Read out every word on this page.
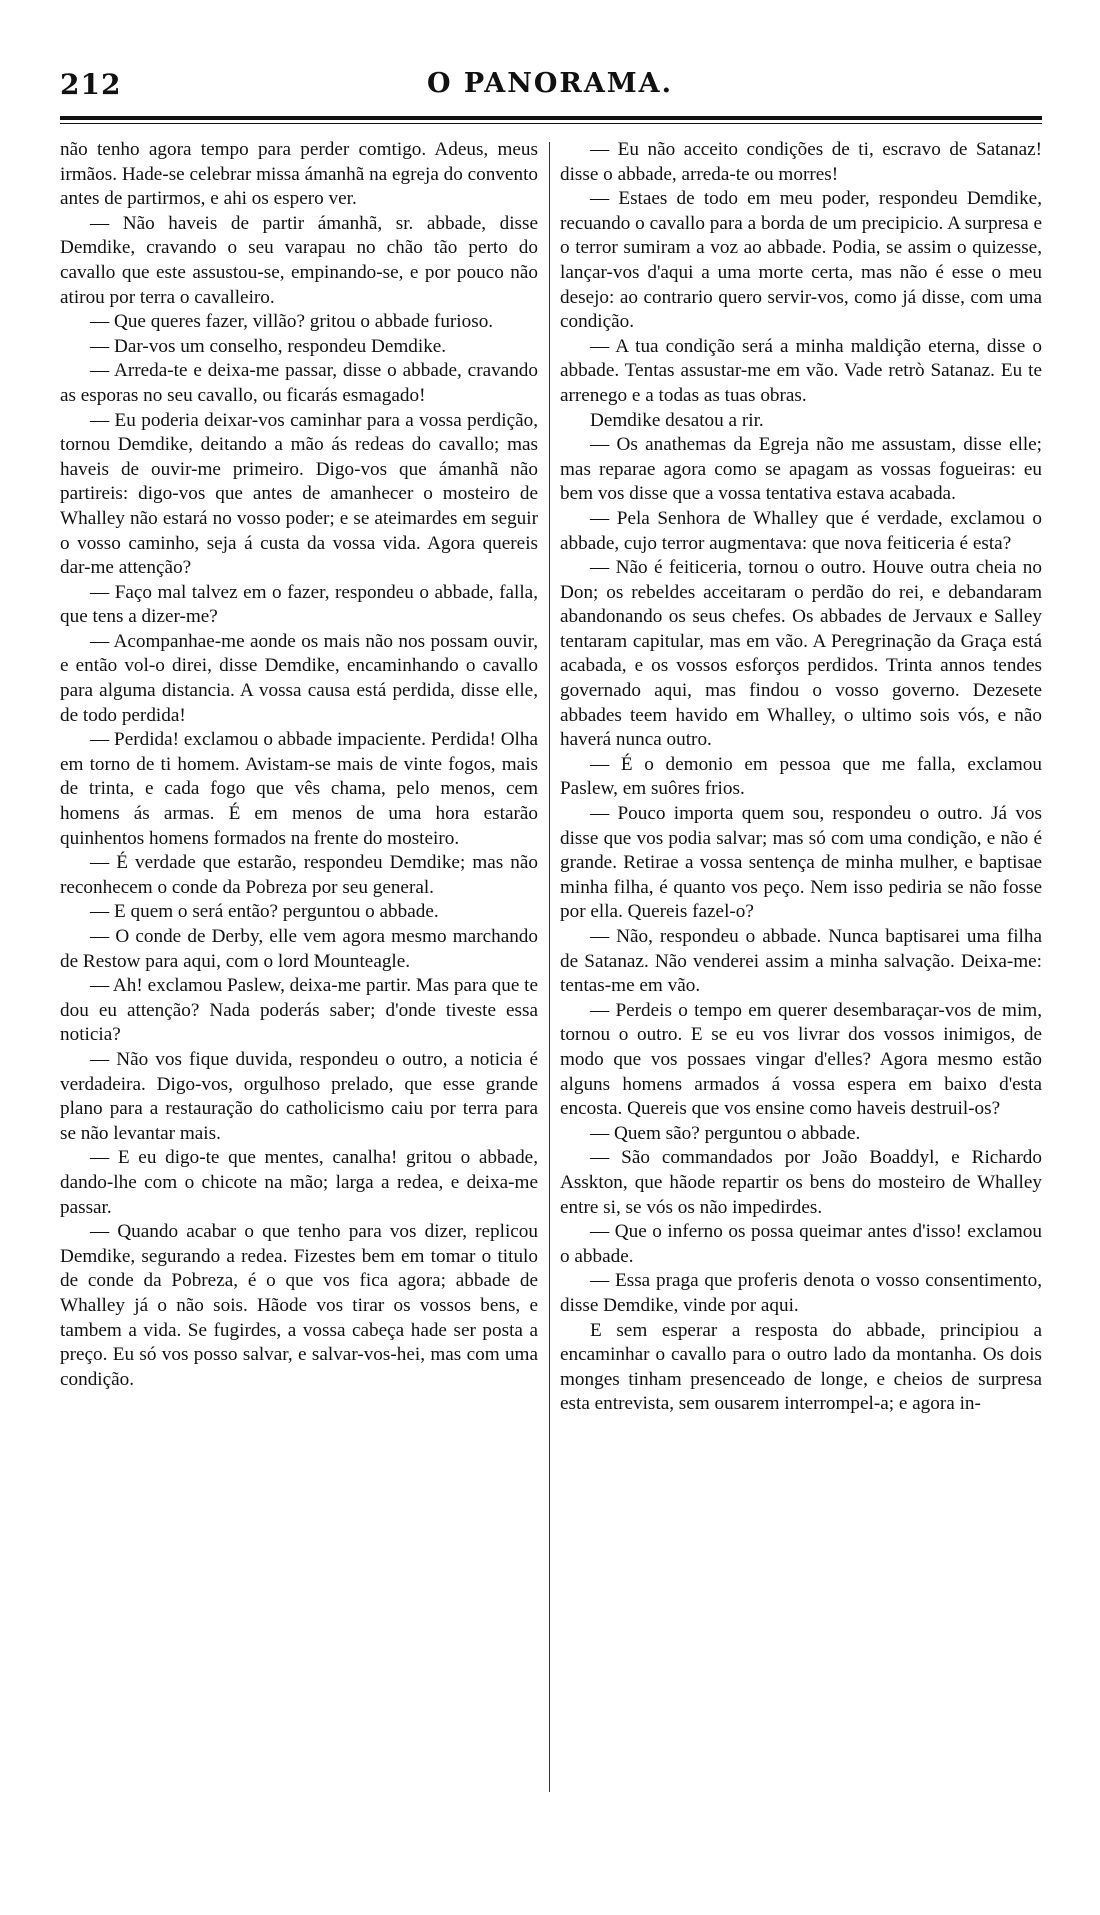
212	O PANORAMA.

não tenho agora tempo para perder comtigo. Adeus, meus irmãos. Hade-se celebrar missa ámanhã na egreja do convento antes de partirmos, e ahi os espero ver.

— Não haveis de partir ámanhã, sr. abbade, disse Demdike, cravando o seu varapau no chão tão perto do cavallo que este assustou-se, empinando-se, e por pouco não atirou por terra o cavalleiro.

— Que queres fazer, villão? gritou o abbade furioso.

— Dar-vos um conselho, respondeu Demdike.

— Arreda-te e deixa-me passar, disse o abbade, cravando as esporas no seu cavallo, ou ficarás esmagado!

— Eu poderia deixar-vos caminhar para a vossa perdição, tornou Demdike, deitando a mão ás redeas do cavallo; mas haveis de ouvir-me primeiro. Digo-vos que ámanhã não partireis: digo-vos que antes de amanhecer o mosteiro de Whalley não estará no vosso poder; e se ateimardes em seguir o vosso caminho, seja á custa da vossa vida. Agora quereis dar-me attenção?

— Faço mal talvez em o fazer, respondeu o abbade, falla, que tens a dizer-me?

— Acompanhae-me aonde os mais não nos possam ouvir, e então vol-o direi, disse Demdike, encaminhando o cavallo para alguma distancia. A vossa causa está perdida, disse elle, de todo perdida!

— Perdida! exclamou o abbade impaciente. Perdida! Olha em torno de ti homem. Avistam-se mais de vinte fogos, mais de trinta, e cada fogo que vês chama, pelo menos, cem homens ás armas. É em menos de uma hora estarão quinhentos homens formados na frente do mosteiro.

— É verdade que estarão, respondeu Demdike; mas não reconhecem o conde da Pobreza por seu general.

— E quem o será então? perguntou o abbade.

— O conde de Derby, elle vem agora mesmo marchando de Restow para aqui, com o lord Mounteagle.

— Ah! exclamou Paslew, deixa-me partir. Mas para que te dou eu attenção? Nada poderás saber; d'onde tiveste essa noticia?

— Não vos fique duvida, respondeu o outro, a noticia é verdadeira. Digo-vos, orgulhoso prelado, que esse grande plano para a restauração do catholicismo caiu por terra para se não levantar mais.

— E eu digo-te que mentes, canalha! gritou o abbade, dando-lhe com o chicote na mão; larga a redea, e deixa-me passar.

— Quando acabar o que tenho para vos dizer, replicou Demdike, segurando a redea. Fizestes bem em tomar o titulo de conde da Pobreza, é o que vos fica agora; abbade de Whalley já o não sois. Hãode vos tirar os vossos bens, e tambem a vida. Se fugirdes, a vossa cabeça hade ser posta a preço. Eu só vos posso salvar, e salvar-vos-hei, mas com uma condição.

— Eu não acceito condições de ti, escravo de Satanaz! disse o abbade, arreda-te ou morres!

— Estaes de todo em meu poder, respondeu Demdike, recuando o cavallo para a borda de um precipicio. A surpresa e o terror sumiram a voz ao abbade. Podia, se assim o quizesse, lançar-vos d'aqui a uma morte certa, mas não é esse o meu desejo: ao contrario quero servir-vos, como já disse, com uma condição.

— A tua condição será a minha maldição eterna, disse o abbade. Tentas assustar-me em vão. Vade retrò Satanaz. Eu te arrenego e a todas as tuas obras.

Demdike desatou a rir.

— Os anathemas da Egreja não me assustam, disse elle; mas reparae agora como se apagam as vossas fogueiras: eu bem vos disse que a vossa tentativa estava acabada.

— Pela Senhora de Whalley que é verdade, exclamou o abbade, cujo terror augmentava: que nova feiticeria é esta?

— Não é feiticeria, tornou o outro. Houve outra cheia no Don; os rebeldes acceitaram o perdão do rei, e debandaram abandonando os seus chefes. Os abbades de Jervaux e Salley tentaram capitular, mas em vão. A Peregrinação da Graça está acabada, e os vossos esforços perdidos. Trinta annos tendes governado aqui, mas findou o vosso governo. Dezesete abbades teem havido em Whalley, o ultimo sois vós, e não haverá nunca outro.

— É o demonio em pessoa que me falla, exclamou Paslew, em suôres frios.

— Pouco importa quem sou, respondeu o outro. Já vos disse que vos podia salvar; mas só com uma condição, e não é grande. Retirae a vossa sentença de minha mulher, e baptisae minha filha, é quanto vos peço. Nem isso pediria se não fosse por ella. Quereis fazel-o?

— Não, respondeu o abbade. Nunca baptisarei uma filha de Satanaz. Não venderei assim a minha salvação. Deixa-me: tentas-me em vão.

— Perdeis o tempo em querer desembaraçar-vos de mim, tornou o outro. E se eu vos livrar dos vossos inimigos, de modo que vos possaes vingar d'elles? Agora mesmo estão alguns homens armados á vossa espera em baixo d'esta encosta. Quereis que vos ensine como haveis destruil-os?

— Quem são? perguntou o abbade.

— São commandados por João Boaddyl, e Richardo Asskton, que hãode repartir os bens do mosteiro de Whalley entre si, se vós os não impedirdes.

— Que o inferno os possa queimar antes d'isso! exclamou o abbade.

— Essa praga que proferis denota o vosso consentimento, disse Demdike, vinde por aqui.

E sem esperar a resposta do abbade, principiou a encaminhar o cavallo para o outro lado da montanha. Os dois monges tinham presenceado de longe, e cheios de surpresa esta entrevista, sem ousarem interrompel-a; e agora in-
